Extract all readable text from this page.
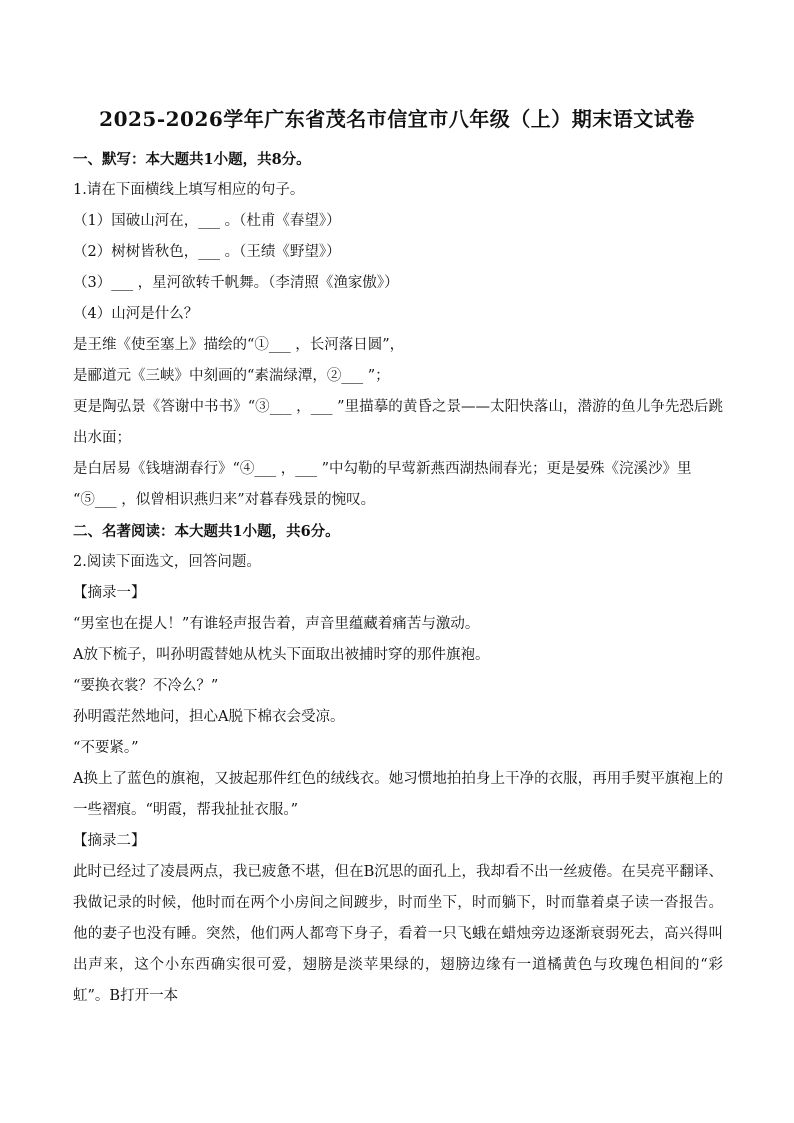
2025-2026学年广东省茂名市信宜市八年级（上）期末语文试卷
一、默写：本大题共1小题，共8分。
1.请在下面横线上填写相应的句子。
（1）国破山河在，___ 。（杜甫《春望》）
（2）树树皆秋色，___ 。（王绩《野望》）
（3）___ ，星河欲转千帆舞。（李清照《渔家傲》）
（4）山河是什么？
是王维《使至塞上》描绘的“①___ ，长河落日圆”，
是郦道元《三峡》中刻画的“素湍绿潭，②___ ”；
更是陶弘景《答谢中书书》“③___ ，___ ”里描摹的黄昏之景——太阳快落山，潜游的鱼儿争先恐后跳出水面；
是白居易《钱塘湖春行》“④___ ，___ ”中勾勒的早莺新燕西湖热闹春光；更是晏殊《浣溪沙》里
“⑤___ ，似曾相识燕归来”对暮春残景的惋叹。
二、名著阅读：本大题共1小题，共6分。
2.阅读下面选文，回答问题。
【摘录一】
“男室也在提人！”有谁轻声报告着，声音里蕴藏着痛苦与激动。
A放下梳子，叫孙明霞替她从枕头下面取出被捕时穿的那件旗袍。
“要换衣裳？不冷么？”
孙明霞茫然地问，担心A脱下棉衣会受凉。
“不要紧。”
A换上了蓝色的旗袍，又披起那件红色的绒线衣。她习惯地拍拍身上干净的衣服，再用手熨平旗袍上的一些褶痕。“明霞，帮我扯扯衣服。”
【摘录二】
此时已经过了凌晨两点，我已疲惫不堪，但在B沉思的面孔上，我却看不出一丝疲倦。在吴亮平翻译、我做记录的时候，他时而在两个小房间之间踱步，时而坐下，时而躺下，时而靠着桌子读一沓报告。他的妻子也没有睡。突然，他们两人都弯下身子，看着一只飞蛾在蜡烛旁边逐渐衰弱死去，高兴得叫出声来，这个小东西确实很可爱，翅膀是淡苹果绿的，翅膀边缘有一道橘黄色与玫瑰色相间的“彩虹”。B打开一本
